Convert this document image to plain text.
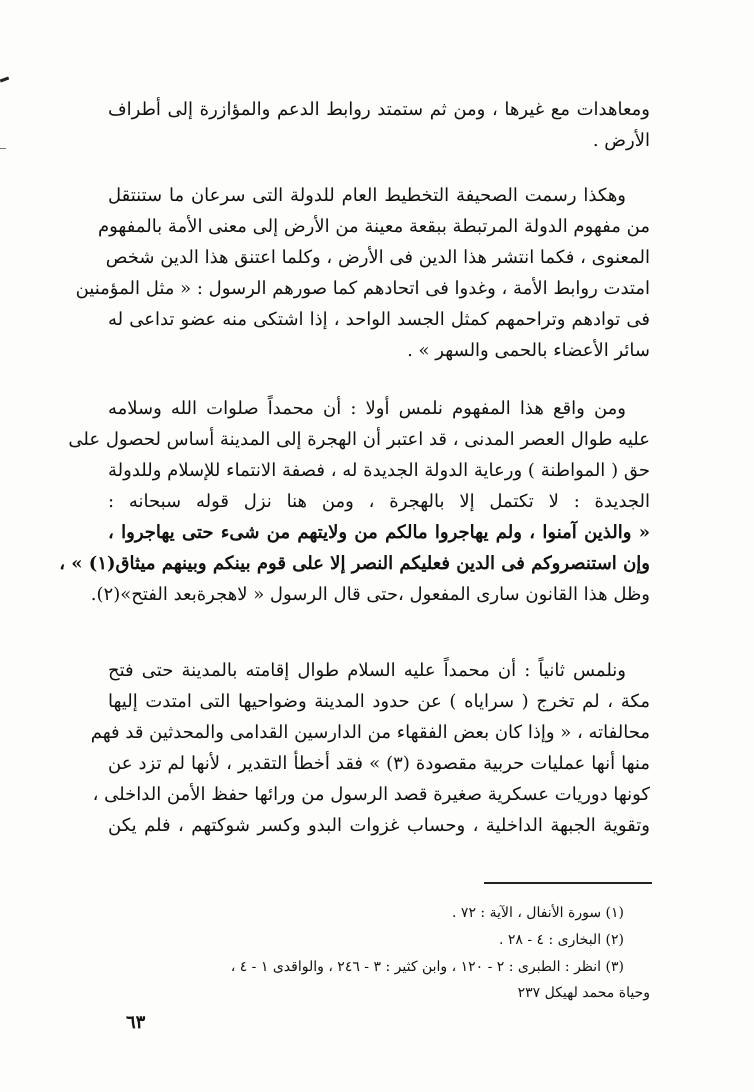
ومعاهدات مع غيرها ، ومن ثم ستمتد روابط الدعم والمؤازرة إلى أطراف
الأرض .
وهكذا رسمت الصحيفة التخطيط العام للدولة التى سرعان ما ستنتقل
من مفهوم الدولة المرتبطة ببقعة معينة من الأرض إلى معنى الأمة بالمفهوم
المعنوى ، فكما انتشر هذا الدين فى الأرض ، وكلما اعتنق هذا الدين شخص
امتدت روابط الأمة ، وغدوا فى اتحادهم كما صورهم الرسول : « مثل المؤمنين
فى توادهم وتراحمهم كمثل الجسد الواحد ، إذا اشتكى منه عضو تداعى له
سائر الأعضاء بالحمى والسهر » .
ومن واقع هذا المفهوم نلمس أولا : أن محمداً صلوات الله وسلامه
عليه طوال العصر المدنى ، قد اعتبر أن الهجرة إلى المدينة أساس لحصول على
حق ( المواطنة ) ورعاية الدولة الجديدة له ، فصفة الانتماء للإسلام وللدولة
الجديدة : لا تكتمل إلا بالهجرة ، ومن هنا نزل قوله سبحانه :
« والذين آمنوا ، ولم يهاجروا مالكم من ولايتهم من شىء حتى يهاجروا ،
وإن استنصروكم فى الدين فعليكم النصر إلا على قوم بينكم وبينهم ميثاق(١) » ،
وظل هذا القانون سارى المفعول ،حتى قال الرسول « لاهجرةبعد الفتح»(٢).
ونلمس ثانياً : أن محمداً عليه السلام طوال إقامته بالمدينة حتى فتح
مكة ، لم تخرج ( سراياه ) عن حدود المدينة وضواحيها التى امتدت إليها
محالفاته ، « وإذا كان بعض الفقهاء من الدارسين القدامى والمحدثين قد فهم
منها أنها عمليات حربية مقصودة (٣) » فقد أخطأ التقدير ، لأنها لم تزد عن
كونها دوريات عسكرية صغيرة قصد الرسول من ورائها حفظ الأمن الداخلى ،
وتقوية الجبهة الداخلية ، وحساب غزوات البدو وكسر شوكتهم ، فلم يكن
(١) سورة الأنفال ، الآية : ٧٢ .
(٢) البخارى : ٤ - ٢٨ .
(٣) انظر : الطبرى : ٢ - ١٢٠ ، وابن كثير : ٣ - ٢٤٦ ، والواقدى ١ - ٤ ،
وحياة محمد لهيكل ٢٣٧
٦٣
